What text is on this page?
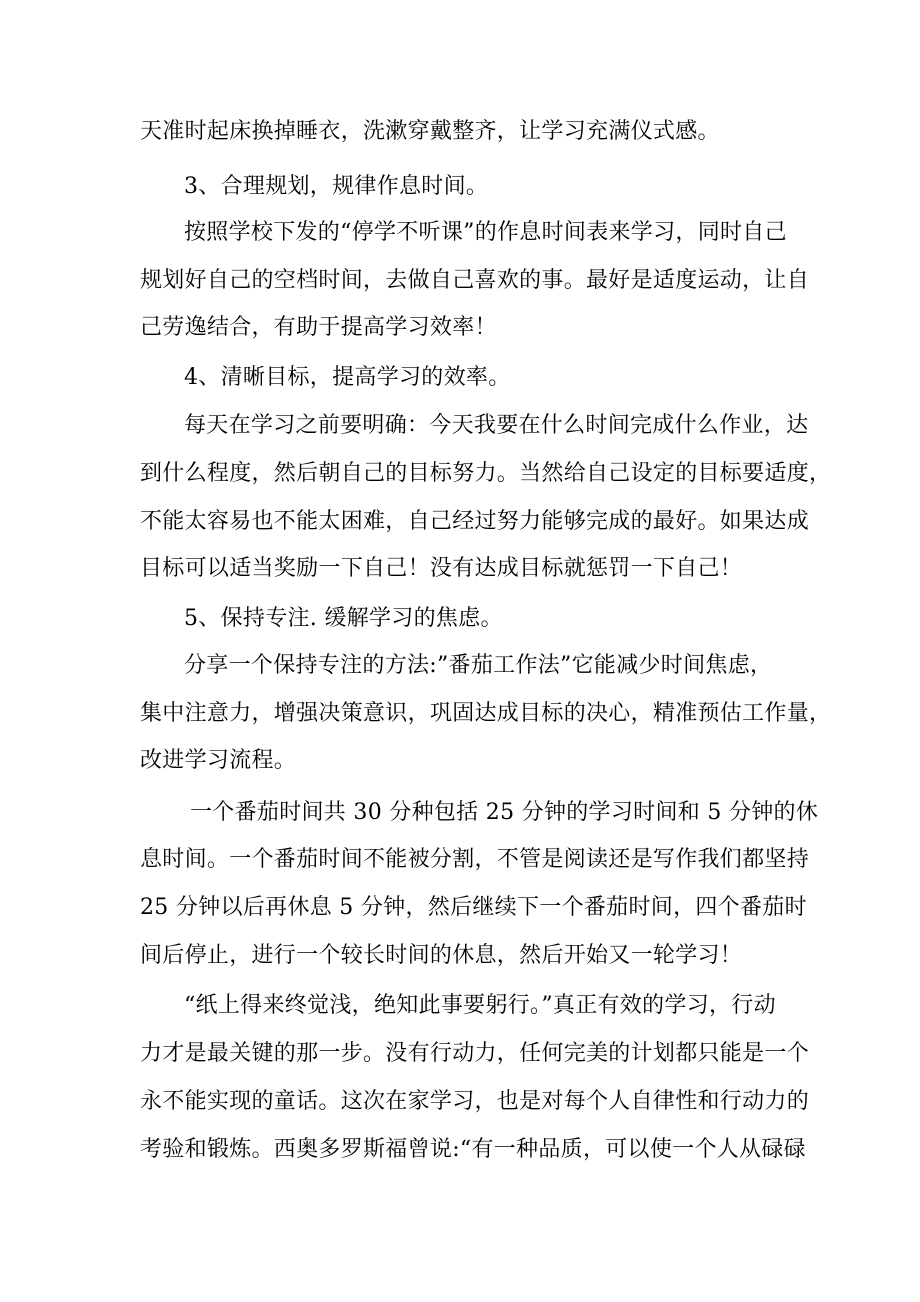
天准时起床换掉睡衣，洗漱穿戴整齐，让学习充满仪式感。
3、合理规划，规律作息时间。
按照学校下发的“停学不听课”的作息时间表来学习，同时自己
规划好自己的空档时间，去做自己喜欢的事。最好是适度运动，让自
己劳逸结合，有助于提高学习效率！
4、清晰目标，提高学习的效率。
每天在学习之前要明确：今天我要在什么时间完成什么作业，达
到什么程度，然后朝自己的目标努力。当然给自己设定的目标要适度，
不能太容易也不能太困难，自己经过努力能够完成的最好。如果达成
目标可以适当奖励一下自己！没有达成目标就惩罚一下自己！
5、保持专注. 缓解学习的焦虑。
分享一个保持专注的方法:”番茄工作法”它能减少时间焦虑，
集中注意力，增强决策意识，巩固达成目标的决心，精准预估工作量，
改进学习流程。
一个番茄时间共 30 分种包括 25 分钟的学习时间和 5 分钟的休
息时间。一个番茄时间不能被分割，不管是阅读还是写作我们都坚持
25 分钟以后再休息 5 分钟，然后继续下一个番茄时间，四个番茄时
间后停止，进行一个较长时间的休息，然后开始又一轮学习！
“纸上得来终觉浅，绝知此事要躬行。”真正有效的学习，行动
力才是最关键的那一步。没有行动力，任何完美的计划都只能是一个
永不能实现的童话。这次在家学习，也是对每个人自律性和行动力的
考验和锻炼。西奥多罗斯福曾说:“有一种品质，可以使一个人从碌碌
